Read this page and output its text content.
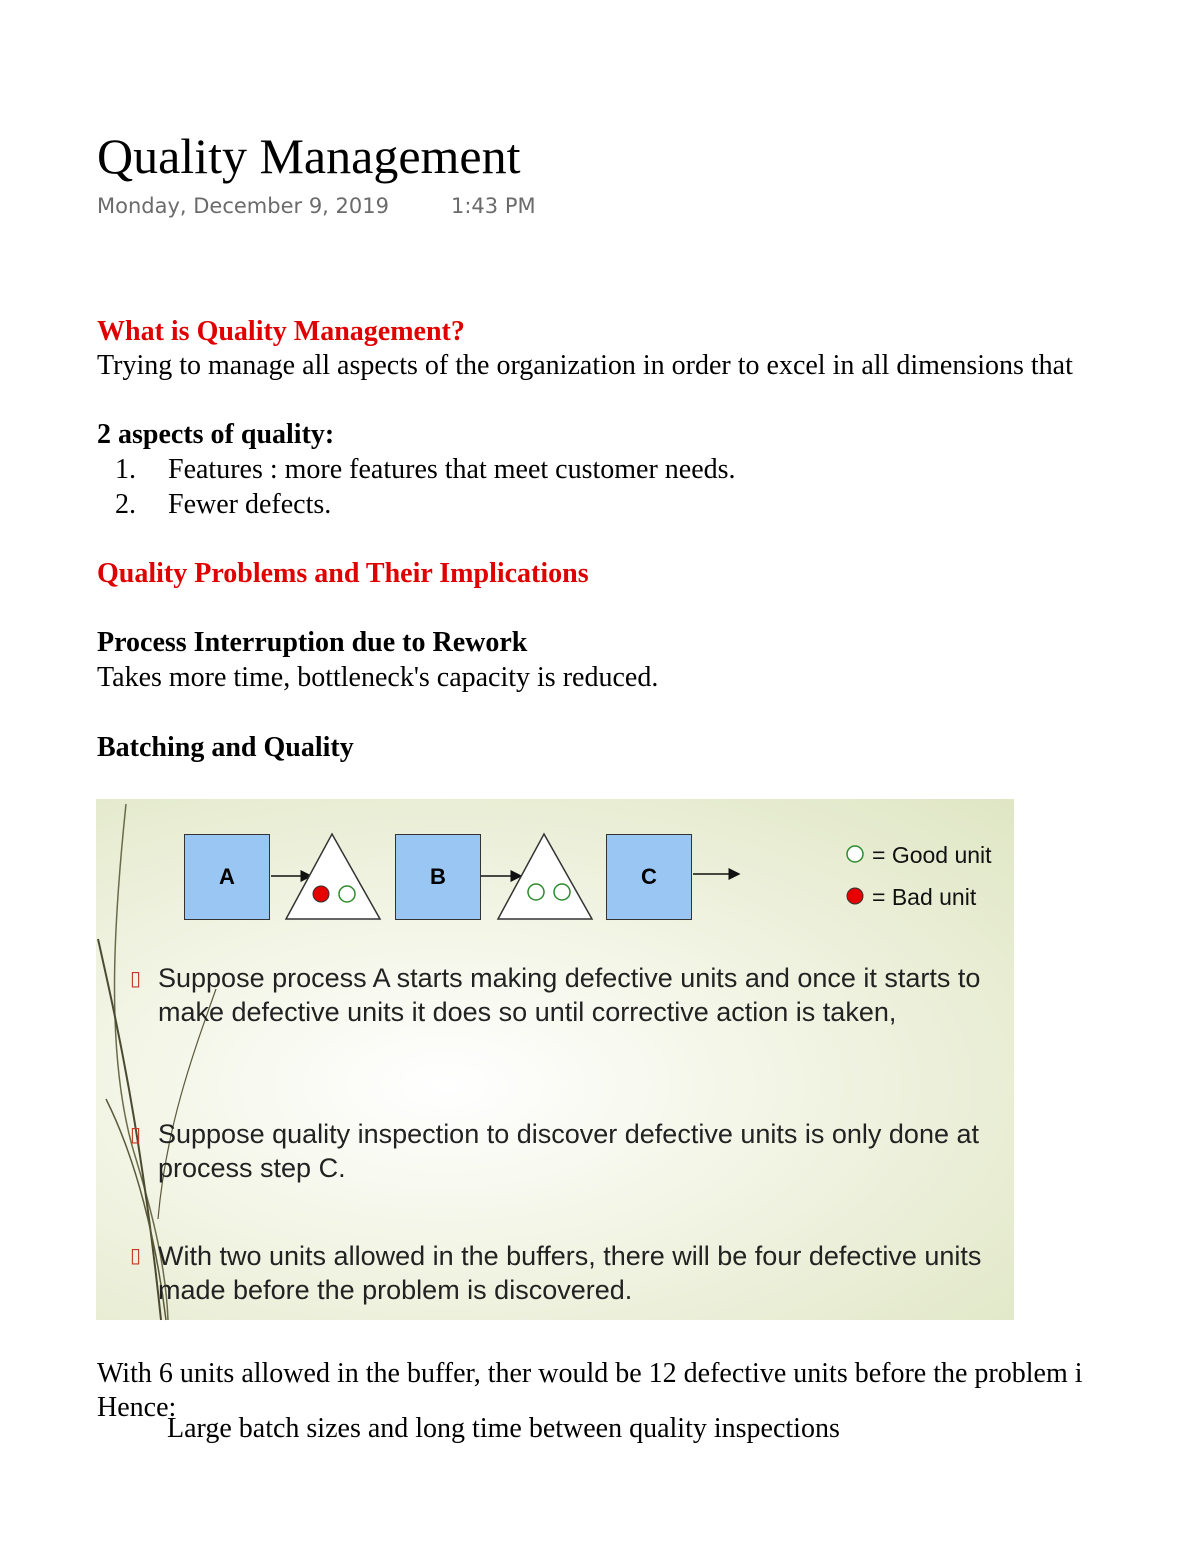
Quality Management
Monday, December 9, 2019	1:43 PM
What is Quality Management?
Trying to manage all aspects of the organization in order to excel in all dimensions that
2 aspects of quality:
1. Features : more features that meet customer needs.
2. Fewer defects.
Quality Problems and Their Implications
Process Interruption due to Rework
Takes more time, bottleneck's capacity is reduced.
Batching and Quality
A	B	C
= Good unit
= Bad unit
▯ Suppose process A starts making defective units and once it starts to make defective units it does so until corrective action is taken,
▯ Suppose quality inspection to discover defective units is only done at process step C.
▯ With two units allowed in the buffers, there will be four defective units made before the problem is discovered.
With 6 units allowed in the buffer, ther would be 12 defective units before the problem i
Hence:
Large batch sizes and long time between quality inspections
